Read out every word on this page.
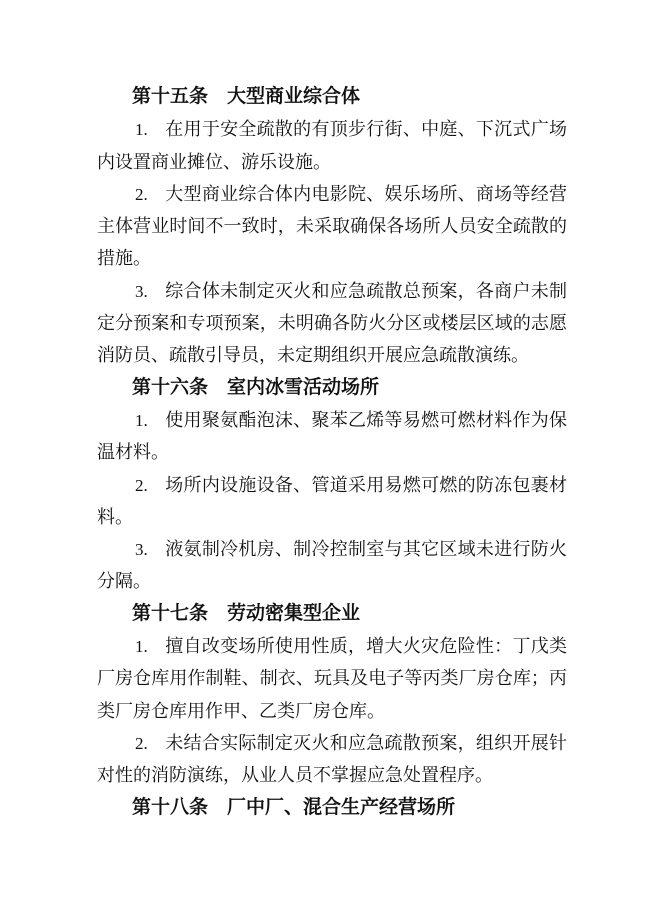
第十五条　大型商业综合体
1. 在用于安全疏散的有顶步行街、中庭、下沉式广场
内设置商业摊位、游乐设施。
2. 大型商业综合体内电影院、娱乐场所、商场等经营
主体营业时间不一致时，未采取确保各场所人员安全疏散的
措施。
3. 综合体未制定灭火和应急疏散总预案，各商户未制
定分预案和专项预案，未明确各防火分区或楼层区域的志愿
消防员、疏散引导员，未定期组织开展应急疏散演练。
第十六条　室内冰雪活动场所
1. 使用聚氨酯泡沫、聚苯乙烯等易燃可燃材料作为保
温材料。
2. 场所内设施设备、管道采用易燃可燃的防冻包裹材
料。
3. 液氨制冷机房、制冷控制室与其它区域未进行防火
分隔。
第十七条　劳动密集型企业
1. 擅自改变场所使用性质，增大火灾危险性：丁戊类
厂房仓库用作制鞋、制衣、玩具及电子等丙类厂房仓库；丙
类厂房仓库用作甲、乙类厂房仓库。
2. 未结合实际制定灭火和应急疏散预案，组织开展针
对性的消防演练，从业人员不掌握应急处置程序。
第十八条　厂中厂、混合生产经营场所
